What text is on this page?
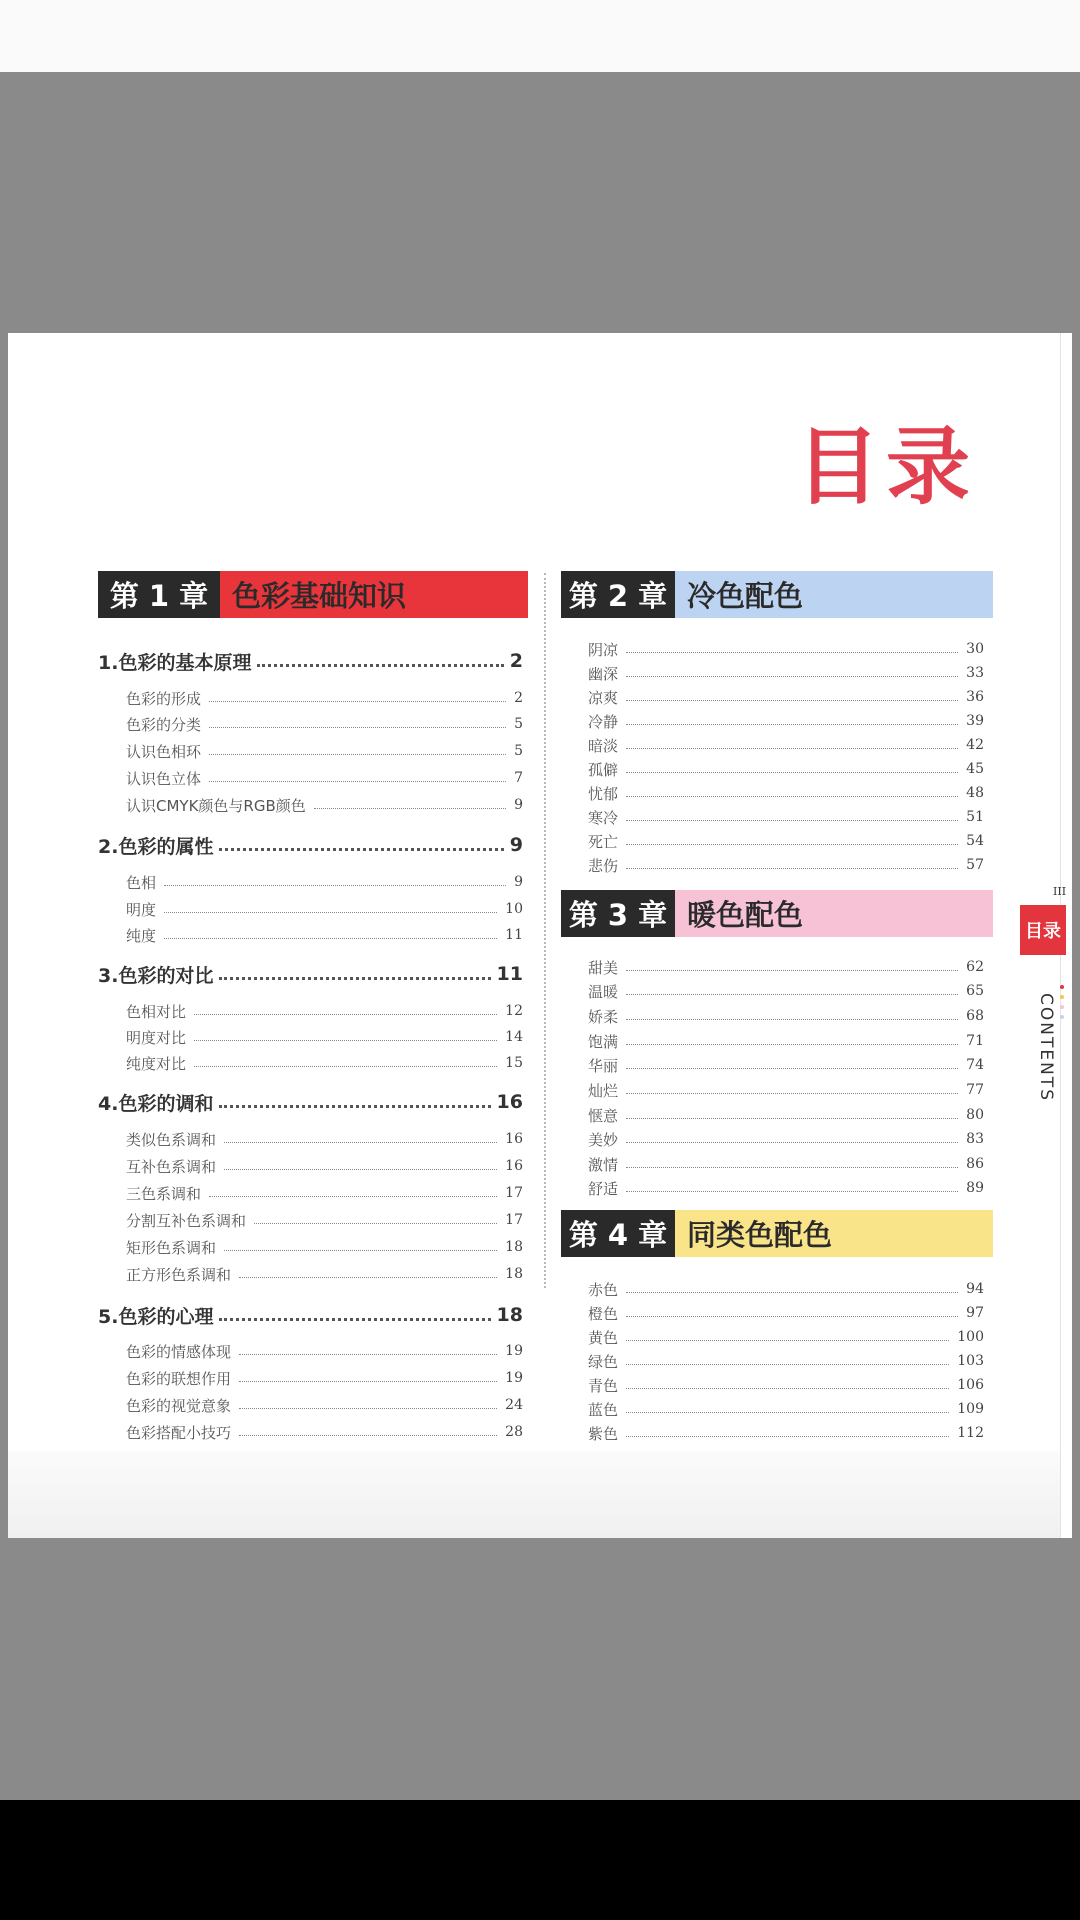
目录
第 1 章 色彩基础知识
1.色彩的基本原理	2
色彩的形成	2
色彩的分类	5
认识色相环	5
认识色立体	7
认识CMYK颜色与RGB颜色	9
2.色彩的属性	9
色相	9
明度	10
纯度	11
3.色彩的对比	11
色相对比	12
明度对比	14
纯度对比	15
4.色彩的调和	16
类似色系调和	16
互补色系调和	16
三色系调和	17
分割互补色系调和	17
矩形色系调和	18
正方形色系调和	18
5.色彩的心理	18
色彩的情感体现	19
色彩的联想作用	19
色彩的视觉意象	24
色彩搭配小技巧	28
第 2 章 冷色配色
阴凉	30
幽深	33
凉爽	36
冷静	39
暗淡	42
孤僻	45
忧郁	48
寒冷	51
死亡	54
悲伤	57
第 3 章 暖色配色
甜美	62
温暖	65
娇柔	68
饱满	71
华丽	74
灿烂	77
惬意	80
美妙	83
激情	86
舒适	89
第 4 章 同类色配色
赤色	94
橙色	97
黄色	100
绿色	103
青色	106
蓝色	109
紫色	112
III
目录
CONTENTS
